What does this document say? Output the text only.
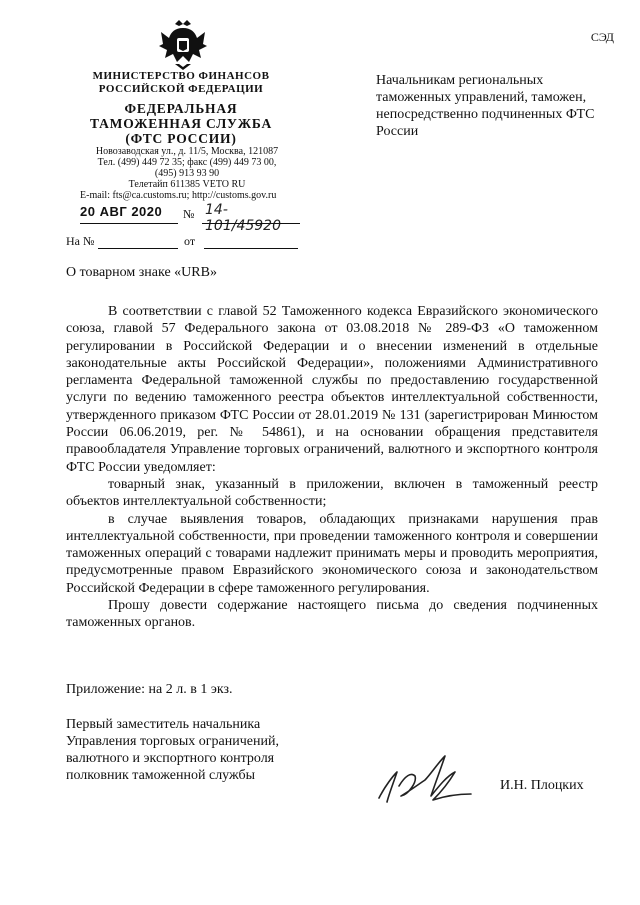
СЭД
МИНИСТЕРСТВО ФИНАНСОВ
РОССИЙСКОЙ ФЕДЕРАЦИИ
ФЕДЕРАЛЬНАЯ
ТАМОЖЕННАЯ СЛУЖБА
(ФТС РОССИИ)
Новозаводская ул., д. 11/5, Москва, 121087
Тел. (499) 449 72 35; факс (499) 449 73 00,
(495) 913 93 90
Телетайп 611385 VETO RU
E-mail: fts@ca.customs.ru; http://customs.gov.ru
20 АВГ 2020 № 14-101/45920
На №	от
Начальникам региональных таможенных управлений, таможен, непосредственно подчиненных ФТС России
О товарном знаке «URB»

В соответствии с главой 52 Таможенного кодекса Евразийского экономического союза, главой 57 Федерального закона от 03.08.2018 № 289-ФЗ «О таможенном регулировании в Российской Федерации и о внесении изменений в отдельные законодательные акты Российской Федерации», положениями Административного регламента Федеральной таможенной службы по предоставлению государственной услуги по ведению таможенного реестра объектов интеллектуальной собственности, утвержденного приказом ФТС России от 28.01.2019 № 131 (зарегистрирован Минюстом России 06.06.2019, рег. № 54861), и на основании обращения представителя правообладателя Управление торговых ограничений, валютного и экспортного контроля ФТС России уведомляет:

товарный знак, указанный в приложении, включен в таможенный реестр объектов интеллектуальной собственности;

в случае выявления товаров, обладающих признаками нарушения прав интеллектуальной собственности, при проведении таможенного контроля и совершении таможенных операций с товарами надлежит принимать меры и проводить мероприятия, предусмотренные правом Евразийского экономического союза и законодательством Российской Федерации в сфере таможенного регулирования.

Прошу довести содержание настоящего письма до сведения подчиненных таможенных органов.

Приложение: на 2 л. в 1 экз.
Первый заместитель начальника
Управления торговых ограничений,
валютного и экспортного контроля
полковник таможенной службы
И.Н. Плоцких
